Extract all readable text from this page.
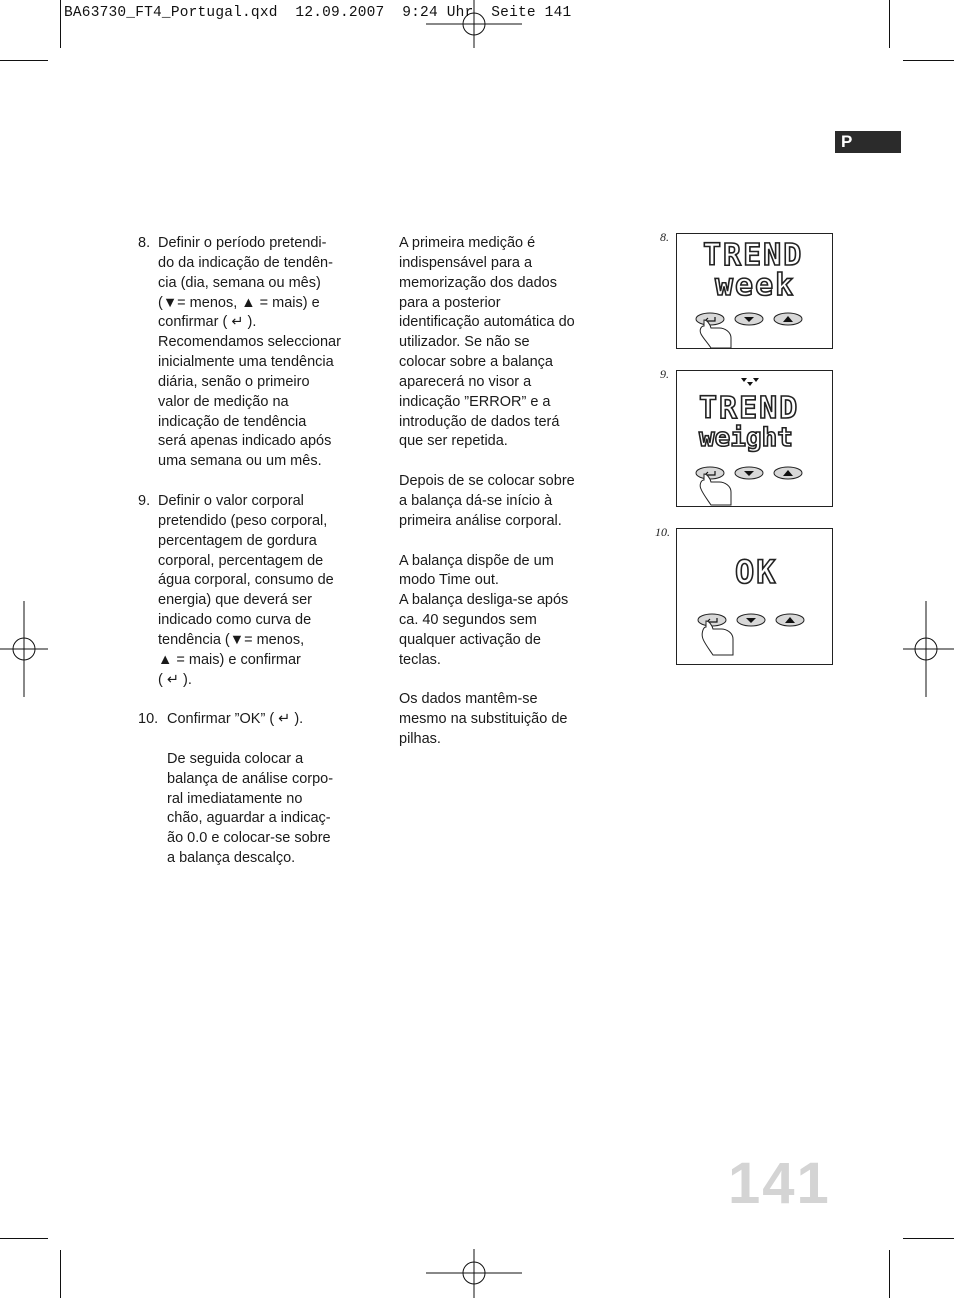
BA63730_FT4_Portugal.qxd  12.09.2007  9:24 Uhr  Seite 141
P
8. Definir o período pretendi-
do da indicação de tendên-
cia (dia, semana ou mês)
(▼= menos, ▲ = mais) e
confirmar ( ↵ ).
Recomendamos seleccionar
inicialmente uma tendência
diária, senão o primeiro
valor de medição na
indicação de tendência
será apenas indicado após
uma semana ou um mês.
9. Definir o valor corporal
pretendido (peso corporal,
percentagem de gordura
corporal, percentagem de
água corporal, consumo de
energia) que deverá ser
indicado como curva de
tendência (▼= menos,
▲ = mais) e confirmar
( ↵ ).
10. Confirmar ”OK” ( ↵ ).
De seguida colocar a
balança de análise corpo-
ral imediatamente no
chão, aguardar a indicaç-
ão 0.0 e colocar-se sobre
a balança descalço.
A primeira medição é
indispensável para a
memorização dos dados
para a posterior
identificação automática do
utilizador. Se não se
colocar sobre a balança
aparecerá no visor a
indicação ”ERROR” e a
introdução de dados terá
que ser repetida.
Depois de se colocar sobre
a balança dá-se início à
primeira análise corporal.
A balança dispõe de um
modo Time out.
A balança desliga-se após
ca. 40 segundos sem
qualquer activação de
teclas.
Os dados mantêm-se
mesmo na substituição de
pilhas.
8.
TREND
week
9.
TREND
weight
10.
OK
141
